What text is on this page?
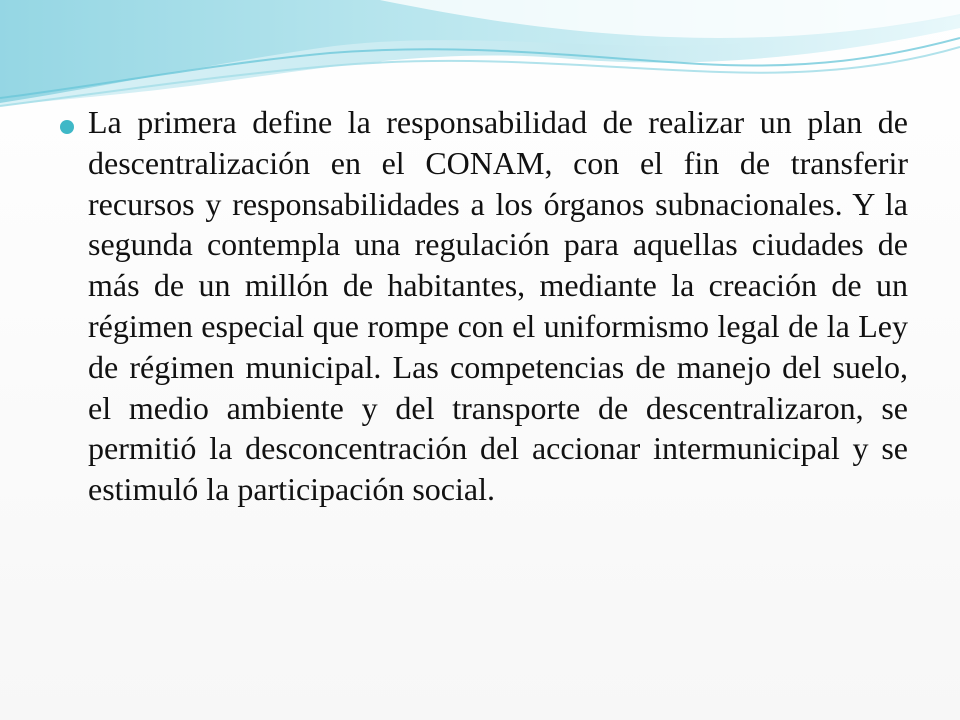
La primera define la responsabilidad de realizar un plan de descentralización en el CONAM, con el fin de transferir recursos y responsabilidades a los órganos subnacionales. Y la segunda contempla una regulación para aquellas ciudades de más de un millón de habitantes, mediante la creación de un régimen especial que rompe con el uniformismo legal de la Ley de régimen municipal. Las competencias de manejo del suelo, el medio ambiente y del transporte de descentralizaron, se permitió la desconcentración del accionar intermunicipal y se estimuló la participación social.
